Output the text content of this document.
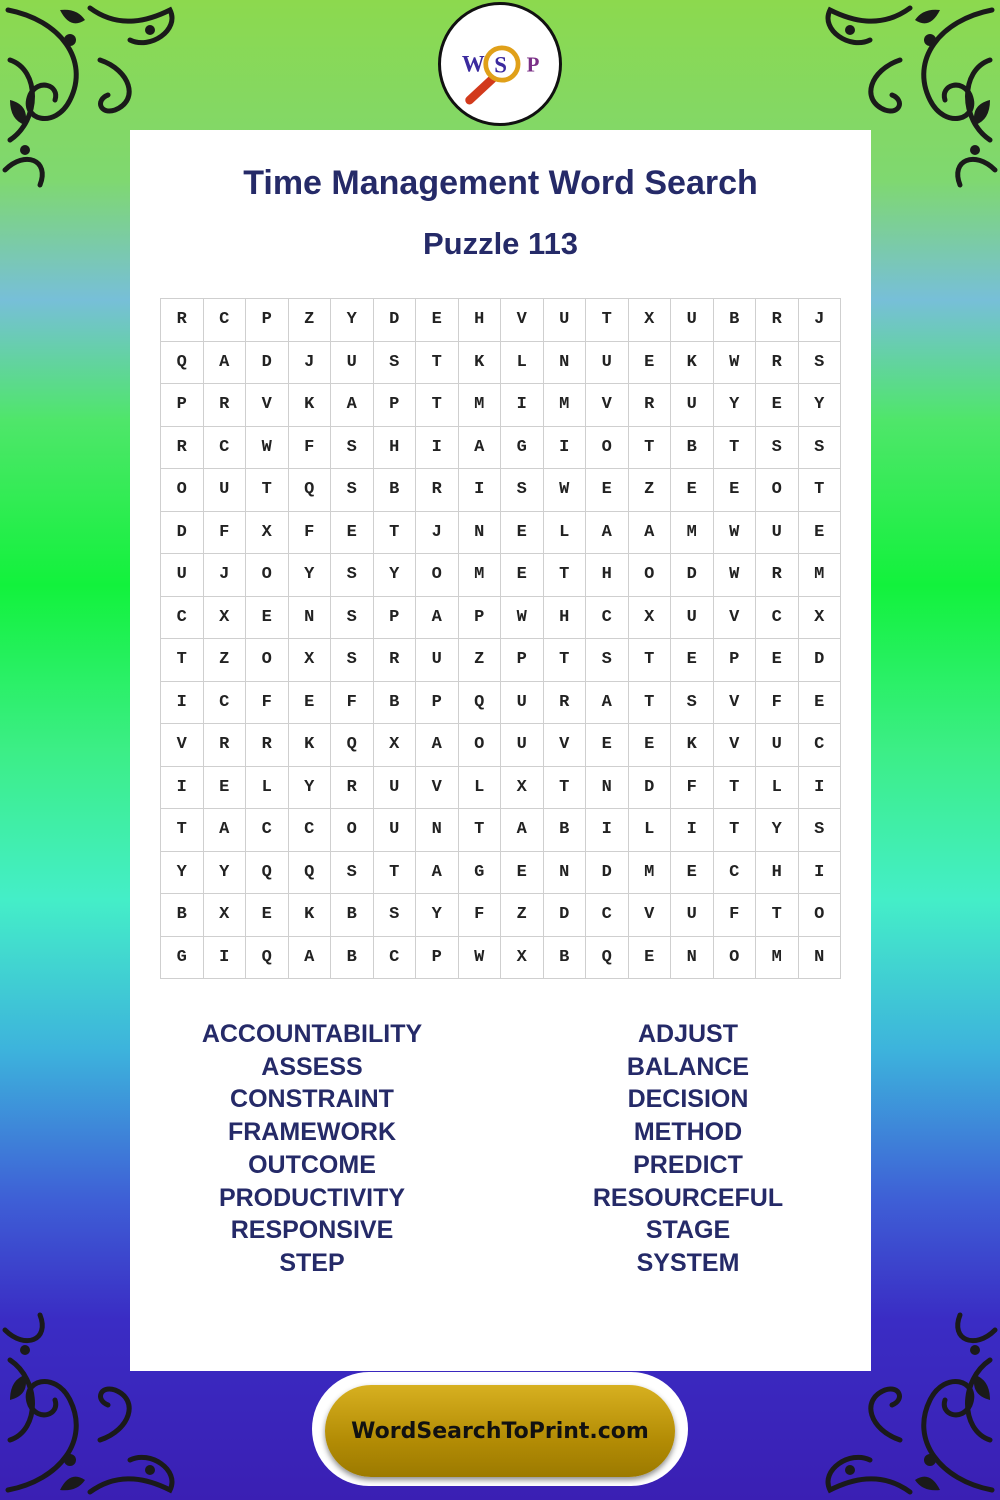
W S P
Time Management Word Search
Puzzle 113
R	C	P	Z	Y	D	E	H	V	U	T	X	U	B	R	J
Q	A	D	J	U	S	T	K	L	N	U	E	K	W	R	S
P	R	V	K	A	P	T	M	I	M	V	R	U	Y	E	Y
R	C	W	F	S	H	I	A	G	I	O	T	B	T	S	S
O	U	T	Q	S	B	R	I	S	W	E	Z	E	E	O	T
D	F	X	F	E	T	J	N	E	L	A	A	M	W	U	E
U	J	O	Y	S	Y	O	M	E	T	H	O	D	W	R	M
C	X	E	N	S	P	A	P	W	H	C	X	U	V	C	X
T	Z	O	X	S	R	U	Z	P	T	S	T	E	P	E	D
I	C	F	E	F	B	P	Q	U	R	A	T	S	V	F	E
V	R	R	K	Q	X	A	O	U	V	E	E	K	V	U	C
I	E	L	Y	R	U	V	L	X	T	N	D	F	T	L	I
T	A	C	C	O	U	N	T	A	B	I	L	I	T	Y	S
Y	Y	Q	Q	S	T	A	G	E	N	D	M	E	C	H	I
B	X	E	K	B	S	Y	F	Z	D	C	V	U	F	T	O
G	I	Q	A	B	C	P	W	X	B	Q	E	N	O	M	N
ACCOUNTABILITY
ASSESS
CONSTRAINT
FRAMEWORK
OUTCOME
PRODUCTIVITY
RESPONSIVE
STEP
ADJUST
BALANCE
DECISION
METHOD
PREDICT
RESOURCEFUL
STAGE
SYSTEM
WordSearchToPrint.com
